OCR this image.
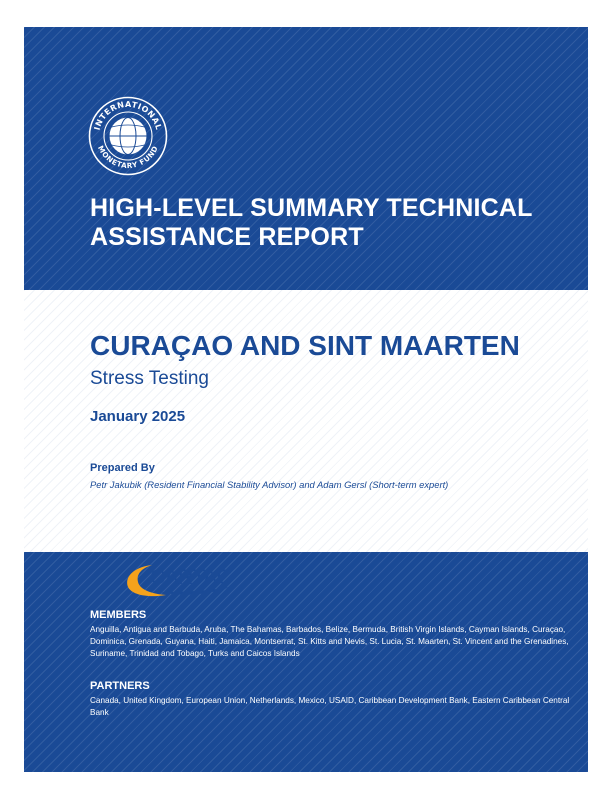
INTERNATIONAL
MONETARY FUND
HIGH-LEVEL SUMMARY TECHNICAL ASSISTANCE REPORT
CURAÇAO AND SINT MAARTEN

Stress Testing

January 2025

Prepared By

Petr Jakubik (Resident Financial Stability Advisor) and Adam Gersl (Short-term expert)

CARTAC

MEMBERS

Anguilla, Antigua and Barbuda, Aruba, The Bahamas, Barbados, Belize, Bermuda, British Virgin Islands, Cayman Islands, Curaçao, Dominica, Grenada, Guyana, Haiti, Jamaica, Montserrat, St. Kitts and Nevis, St. Lucia, St. Maarten, St. Vincent and the Grenadines, Suriname, Trinidad and Tobago, Turks and Caicos Islands

PARTNERS

Canada, United Kingdom, European Union, Netherlands, Mexico, USAID, Caribbean Development Bank, Eastern Caribbean Central Bank
